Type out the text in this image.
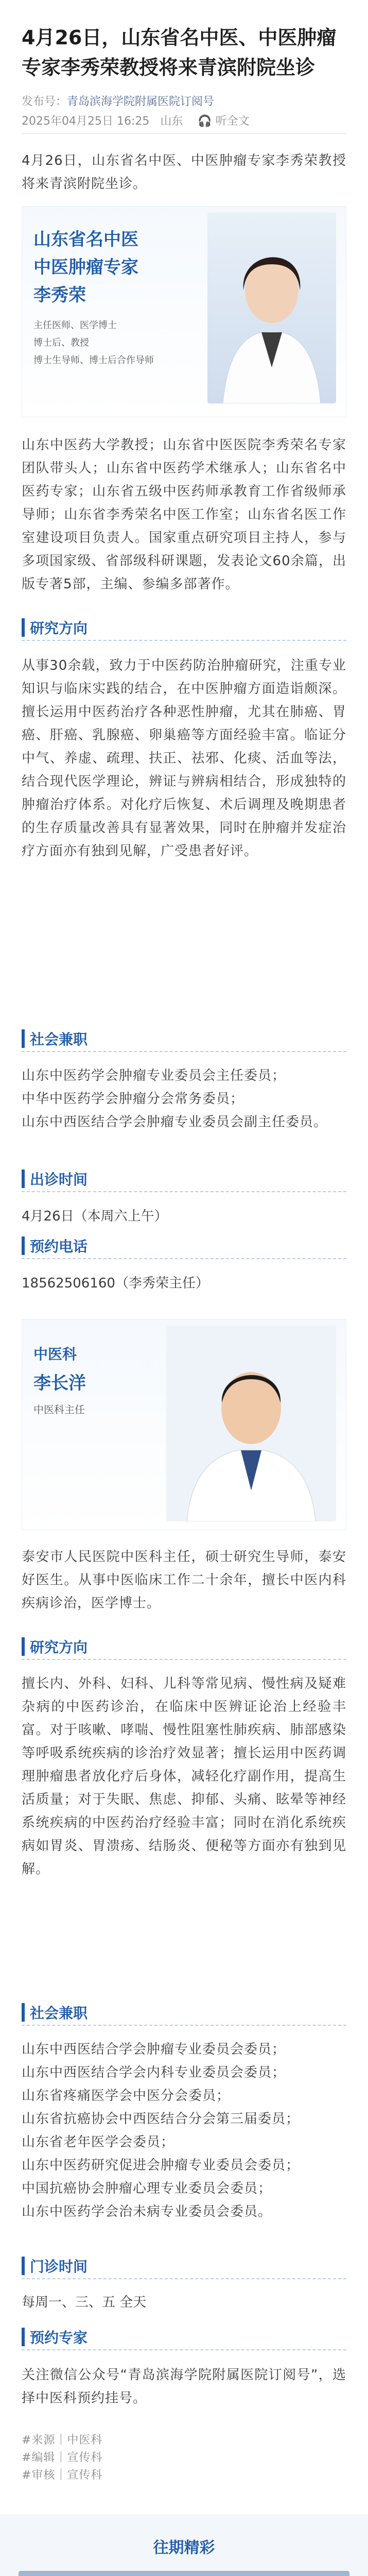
4月26日，山东省名中医、中医肿瘤专家李秀荣教授将来青滨附院坐诊
发布号：青岛滨海学院附属医院订阅号
2025年04月25日 16:25 山东 🎧 听全文
4月26日，山东省名中医、中医肿瘤专家李秀荣教授将来青滨附院坐诊。
山东省名中医
中医肿瘤专家
李秀荣
主任医师、医学博士
博士后、教授
博士生导师、博士后合作导师
山东中医药大学教授；山东省中医医院李秀荣名专家团队带头人；山东省中医药学术继承人；山东省名中医药专家；山东省五级中医药师承教育工作省级师承导师；山东省李秀荣名中医工作室；山东省名医工作室建设项目负责人。国家重点研究项目主持人，参与多项国家级、省部级科研课题，发表论文60余篇，出版专著5部，主编、参编多部著作。
研究方向
从事30余载，致力于中医药防治肿瘤研究，注重专业知识与临床实践的结合，在中医肿瘤方面造诣颇深。擅长运用中医药治疗各种恶性肿瘤，尤其在肺癌、胃癌、肝癌、乳腺癌、卵巢癌等方面经验丰富。临证分中气、养虚、疏理、扶正、祛邪、化痰、活血等法，结合现代医学理论，辨证与辨病相结合，形成独特的肿瘤治疗体系。对化疗后恢复、术后调理及晚期患者的生存质量改善具有显著效果，同时在肿瘤并发症治疗方面亦有独到见解，广受患者好评。
社会兼职
山东中医药学会肿瘤专业委员会主任委员；
中华中医药学会肿瘤分会常务委员；
山东中西医结合学会肿瘤专业委员会副主任委员。
出诊时间
4月26日（本周六上午）
预约电话
18562506160（李秀荣主任）
中医科
李长洋
中医科主任
泰安市人民医院中医科主任，硕士研究生导师，泰安好医生。从事中医临床工作二十余年，擅长中医内科疾病诊治，医学博士。
研究方向
擅长内、外科、妇科、儿科等常见病、慢性病及疑难杂病的中医药诊治，在临床中医辨证论治上经验丰富。对于咳嗽、哮喘、慢性阻塞性肺疾病、肺部感染等呼吸系统疾病的诊治疗效显著；擅长运用中医药调理肿瘤患者放化疗后身体，减轻化疗副作用，提高生活质量；对于失眠、焦虑、抑郁、头痛、眩晕等神经系统疾病的中医药治疗经验丰富；同时在消化系统疾病如胃炎、胃溃疡、结肠炎、便秘等方面亦有独到见解。
社会兼职
山东中西医结合学会肿瘤专业委员会委员；
山东中西医结合学会内科专业委员会委员；
山东省疼痛医学会中医分会委员；
山东省抗癌协会中西医结合分会第三届委员；
山东省老年医学会委员；
山东中医药研究促进会肿瘤专业委员会委员；
中国抗癌协会肿瘤心理专业委员会委员；
山东中医药学会治未病专业委员会委员。
门诊时间
每周一、三、五 全天
预约专家
关注微信公众号“青岛滨海学院附属医院订阅号”，选择中医科预约挂号。
#来源｜中医科
#编辑｜宣传科
#审核｜宣传科
往期精彩
